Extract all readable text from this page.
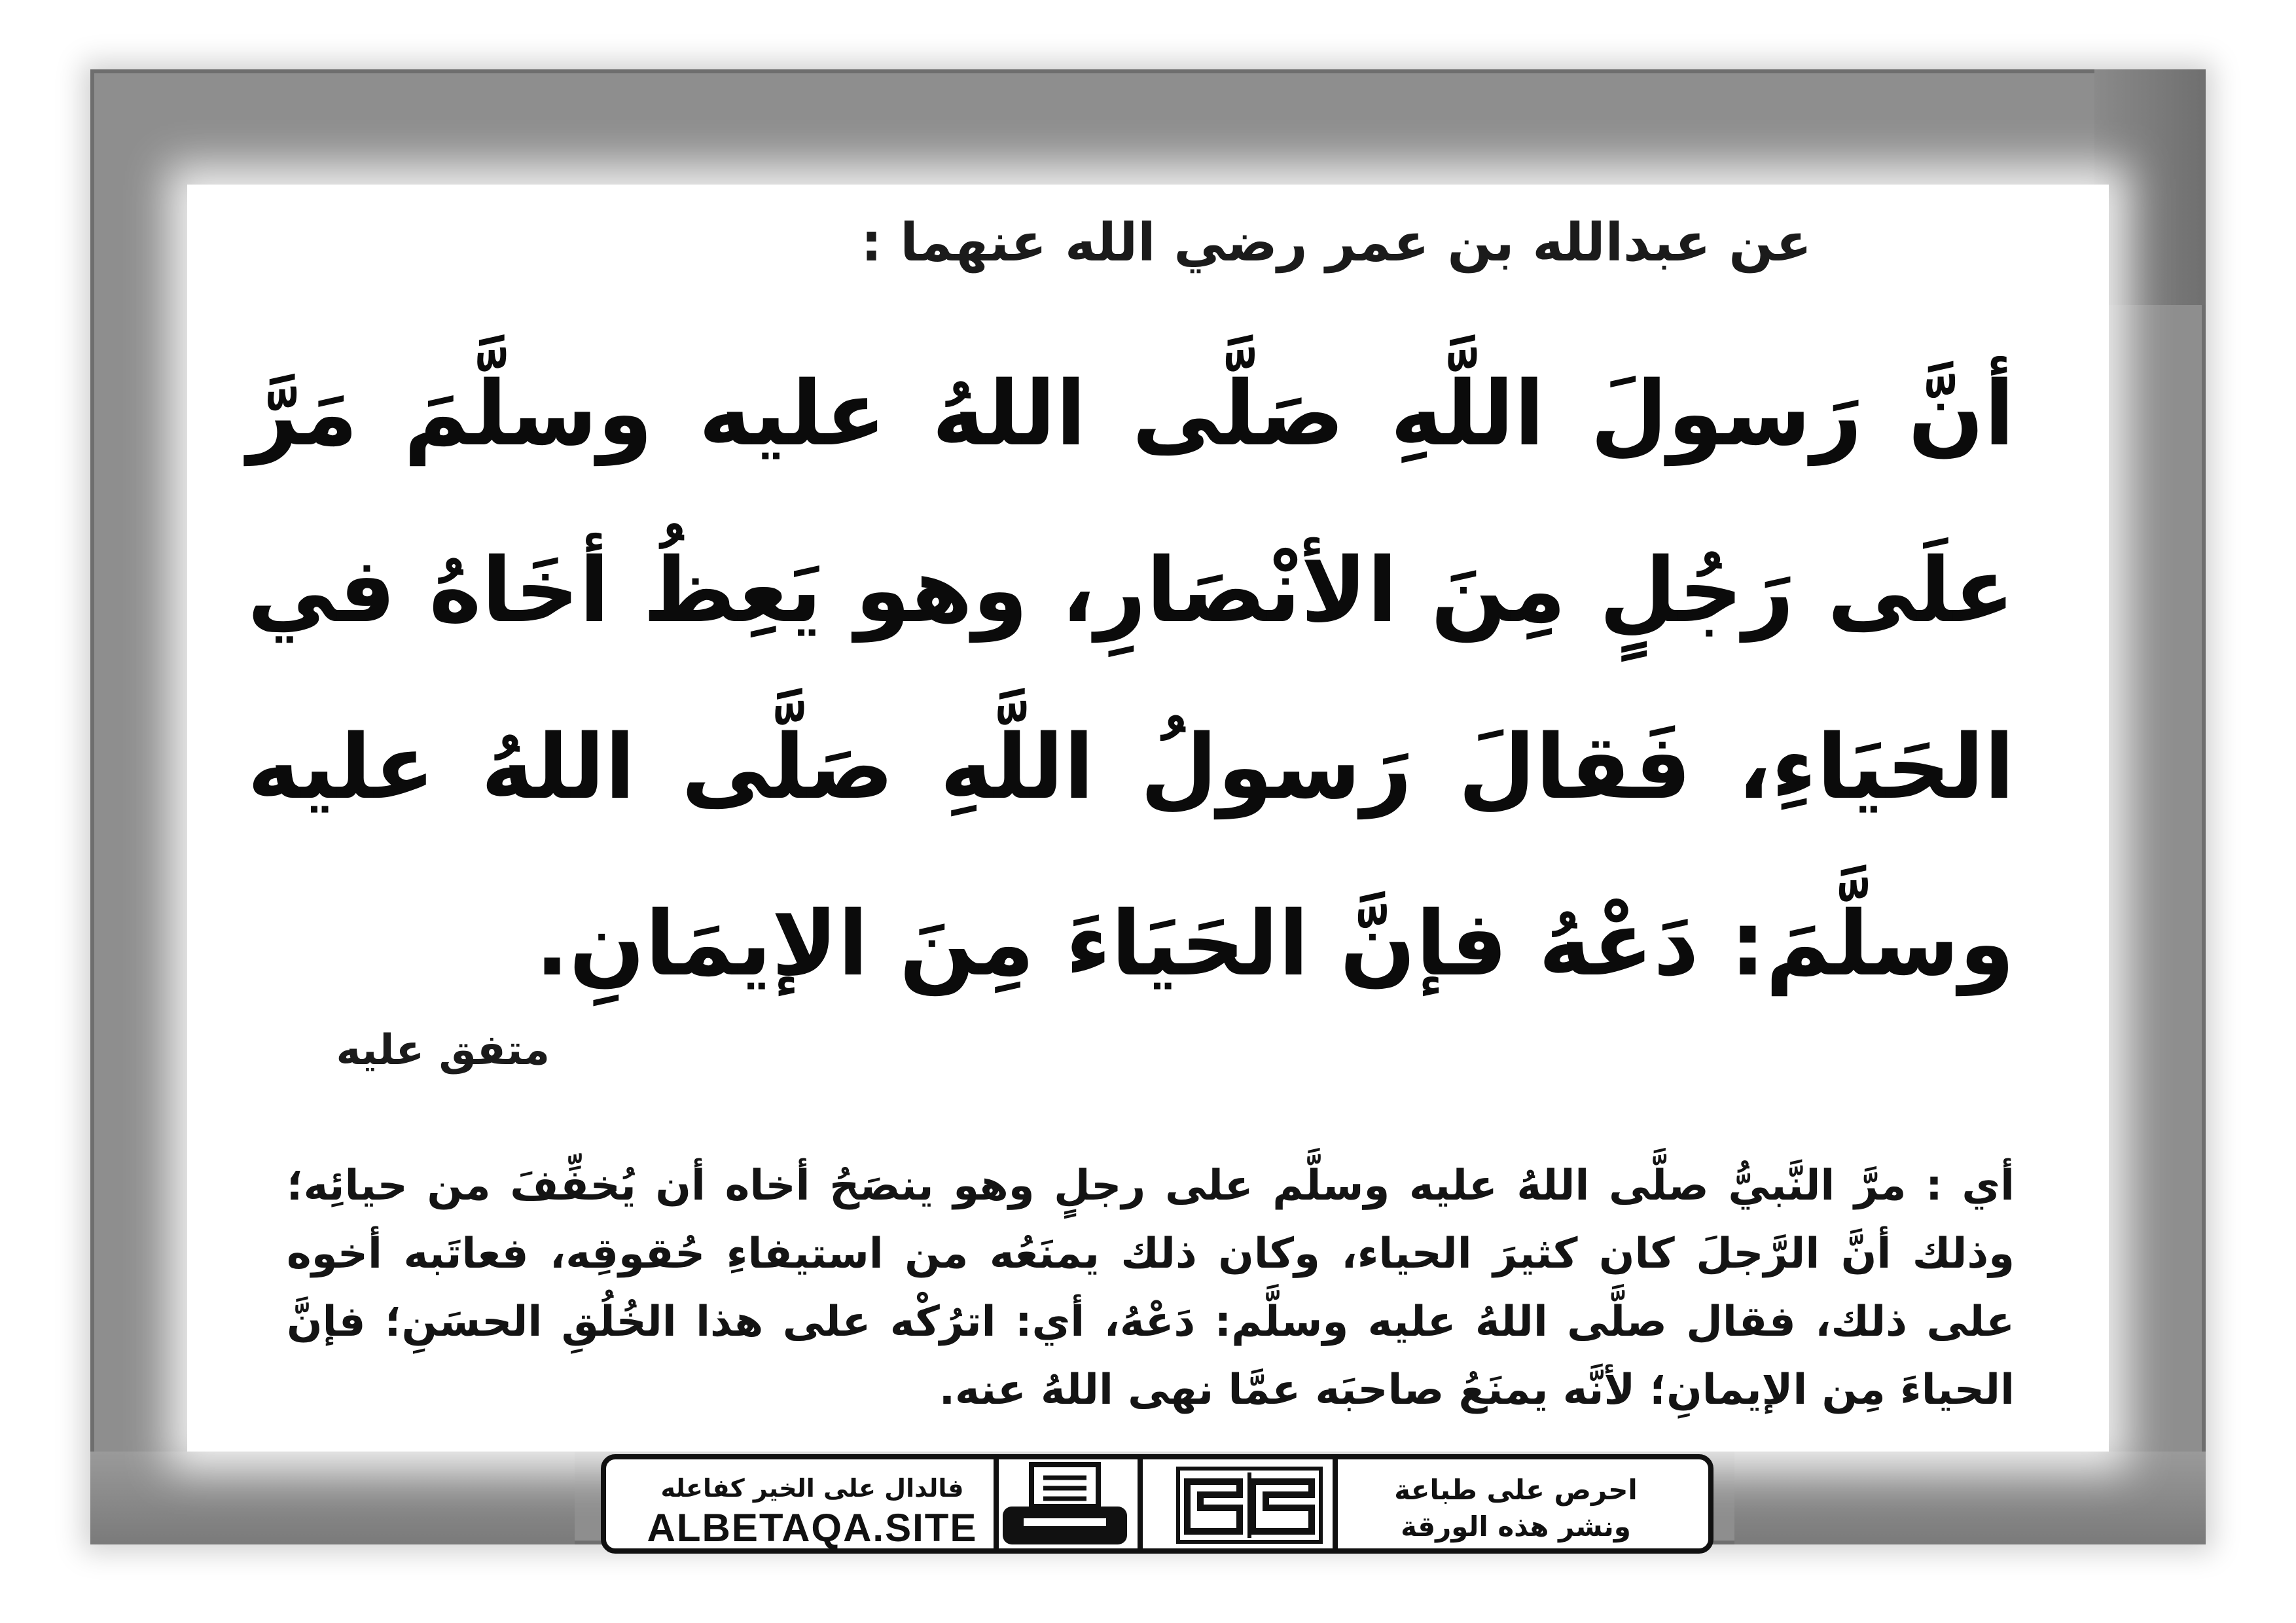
عن عبدالله بن عمر رضي الله عنهما :
أنَّ رَسولَ اللَّهِ صَلَّى اللهُ عليه وسلَّمَ مَرَّ علَى رَجُلٍ مِنَ الأنْصَارِ، وهو يَعِظُ أخَاهُ في الحَيَاءِ، فَقالَ رَسولُ اللَّهِ صَلَّى اللهُ عليه وسلَّمَ: دَعْهُ فإنَّ الحَيَاءَ مِنَ الإيمَانِ.
متفق عليه
أي : مرَّ النَّبيُّ صلَّى اللهُ عليه وسلَّم على رجلٍ وهو ينصَحُ أخاه أن يُخفِّفَ من حيائِه؛ وذلك أنَّ الرَّجلَ كان كثيرَ الحياء، وكان ذلك يمنَعُه من استيفاءِ حُقوقِه، فعاتَبه أخوه على ذلك، فقال صلَّى اللهُ عليه وسلَّم: دَعْهُ، أي: اترُكْه على هذا الخُلُقِ الحسَنِ؛ فإنَّ الحياءَ مِن الإيمانِ؛ لأنَّه يمنَعُ صاحبَه عمَّا نهى اللهُ عنه.
فالدال على الخير كفاعله
ALBETAQA.SITE
احرص على طباعة
ونشر هذه الورقة
